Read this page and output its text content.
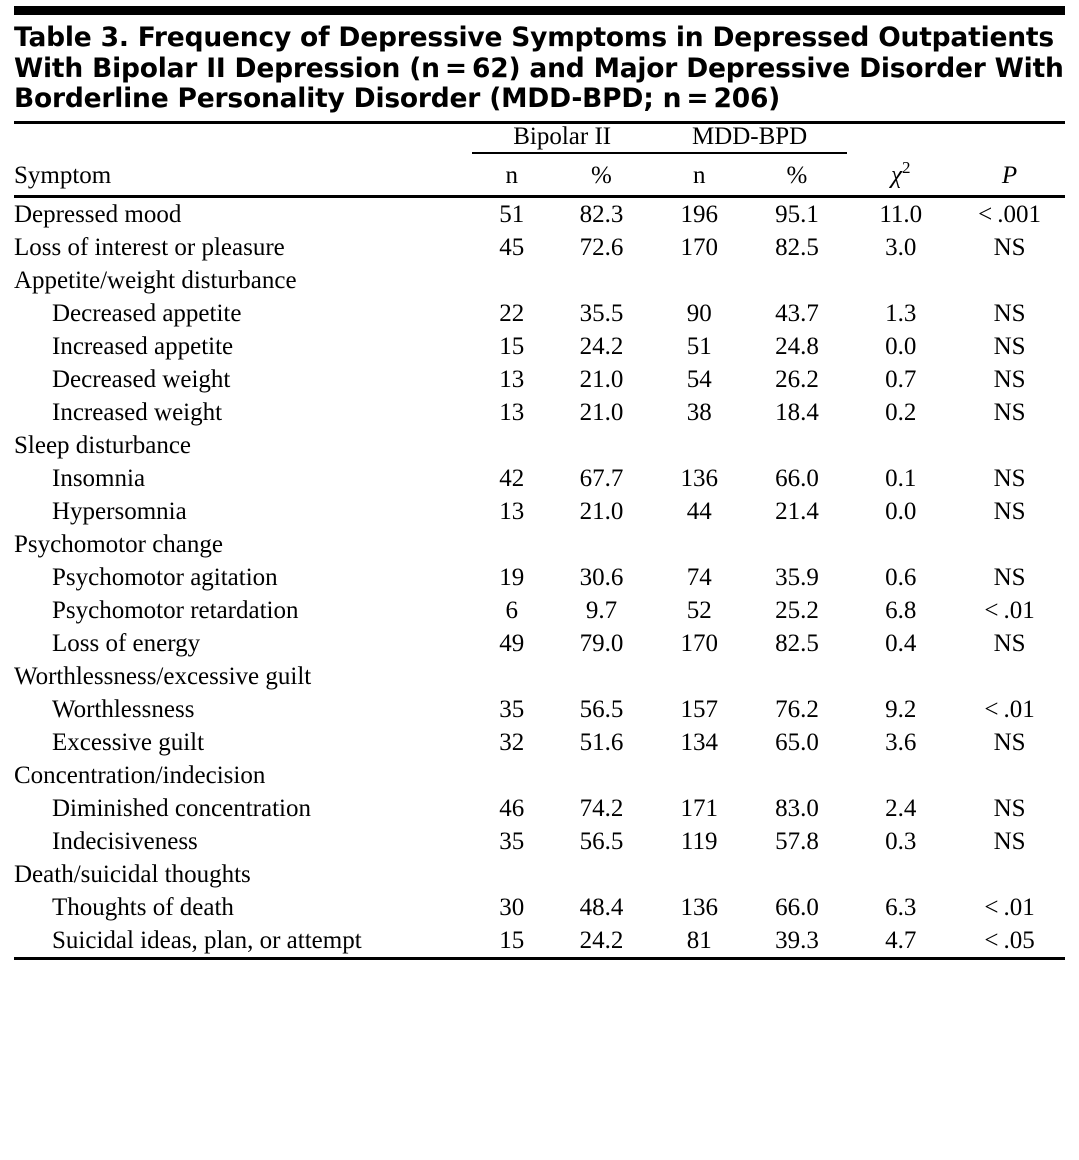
Table 3. Frequency of Depressive Symptoms in Depressed Outpatients With Bipolar II Depression (n = 62) and Major Depressive Disorder With Borderline Personality Disorder (MDD-BPD; n = 206)
	Bipolar II		MDD-BPD			

Symptom	n	%	n	%	$\chi^2$	P
Depressed mood	51	82.3	196	95.1	11.0	< .001
Loss of interest or pleasure	45	72.6	170	82.5	3.0	NS
Appetite/weight disturbance						
Decreased appetite	22	35.5	90	43.7	1.3	NS
Increased appetite	15	24.2	51	24.8	0.0	NS
Decreased weight	13	21.0	54	26.2	0.7	NS
Increased weight	13	21.0	38	18.4	0.2	NS
Sleep disturbance						
Insomnia	42	67.7	136	66.0	0.1	NS
Hypersomnia	13	21.0	44	21.4	0.0	NS
Psychomotor change						
Psychomotor agitation	19	30.6	74	35.9	0.6	NS
Psychomotor retardation	6	9.7	52	25.2	6.8	< .01
Loss of energy	49	79.0	170	82.5	0.4	NS
Worthlessness/excessive guilt						
Worthlessness	35	56.5	157	76.2	9.2	< .01
Excessive guilt	32	51.6	134	65.0	3.6	NS
Concentration/indecision						
Diminished concentration	46	74.2	171	83.0	2.4	NS
Indecisiveness	35	56.5	119	57.8	0.3	NS
Death/suicidal thoughts						
Thoughts of death	30	48.4	136	66.0	6.3	< .01
Suicidal ideas, plan, or attempt	15	24.2	81	39.3	4.7	< .05
